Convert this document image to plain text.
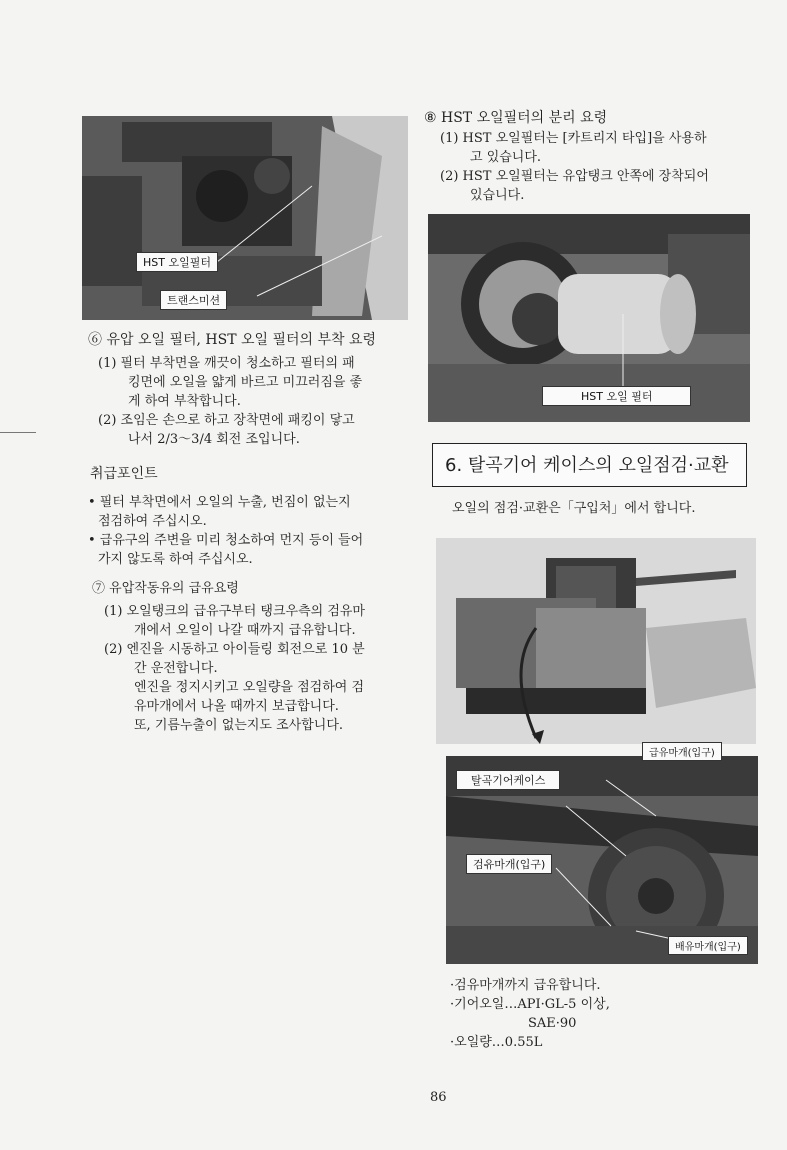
HST 오일필터
트랜스미션
⑥ 유압 오일 필터, HST 오일 필터의 부착 요령
(1) 필터 부착면을 깨끗이 청소하고 필터의 패
킹면에 오일을 얇게 바르고 미끄러짐을 좋
게 하여 부착합니다.
(2) 조임은 손으로 하고 장착면에 패킹이 닿고
나서 2/3～3/4 회전 조입니다.
취급포인트
• 필터 부착면에서 오일의 누출, 번짐이 없는지
점검하여 주십시오.
• 급유구의 주변을 미리 청소하여 먼지 등이 들어
가지 않도록 하여 주십시오.
⑦ 유압작동유의 급유요령
(1) 오일탱크의 급유구부터 탱크우측의 검유마
개에서 오일이 나갈 때까지 급유합니다.
(2) 엔진을 시동하고 아이들링 회전으로 10 분
간 운전합니다.
엔진을 정지시키고 오일량을 점검하여 검
유마개에서 나올 때까지 보급합니다.
또, 기름누출이 없는지도 조사합니다.
⑧ HST 오일필터의 분리 요령
(1) HST 오일필터는 [카트리지 타입]을 사용하
고 있습니다.
(2) HST 오일필터는 유압탱크 안쪽에 장착되어
있습니다.
HST 오일 필터
6. 탈곡기어 케이스의 오일점검·교환
오일의 점검·교환은「구입처」에서 합니다.
급유마개(입구)
탈곡기어케이스
검유마개(입구)
배유마개(입구)
·검유마개까지 급유합니다.
·기어오일…API·GL-5 이상,
SAE·90
·오일량…0.55L
86
